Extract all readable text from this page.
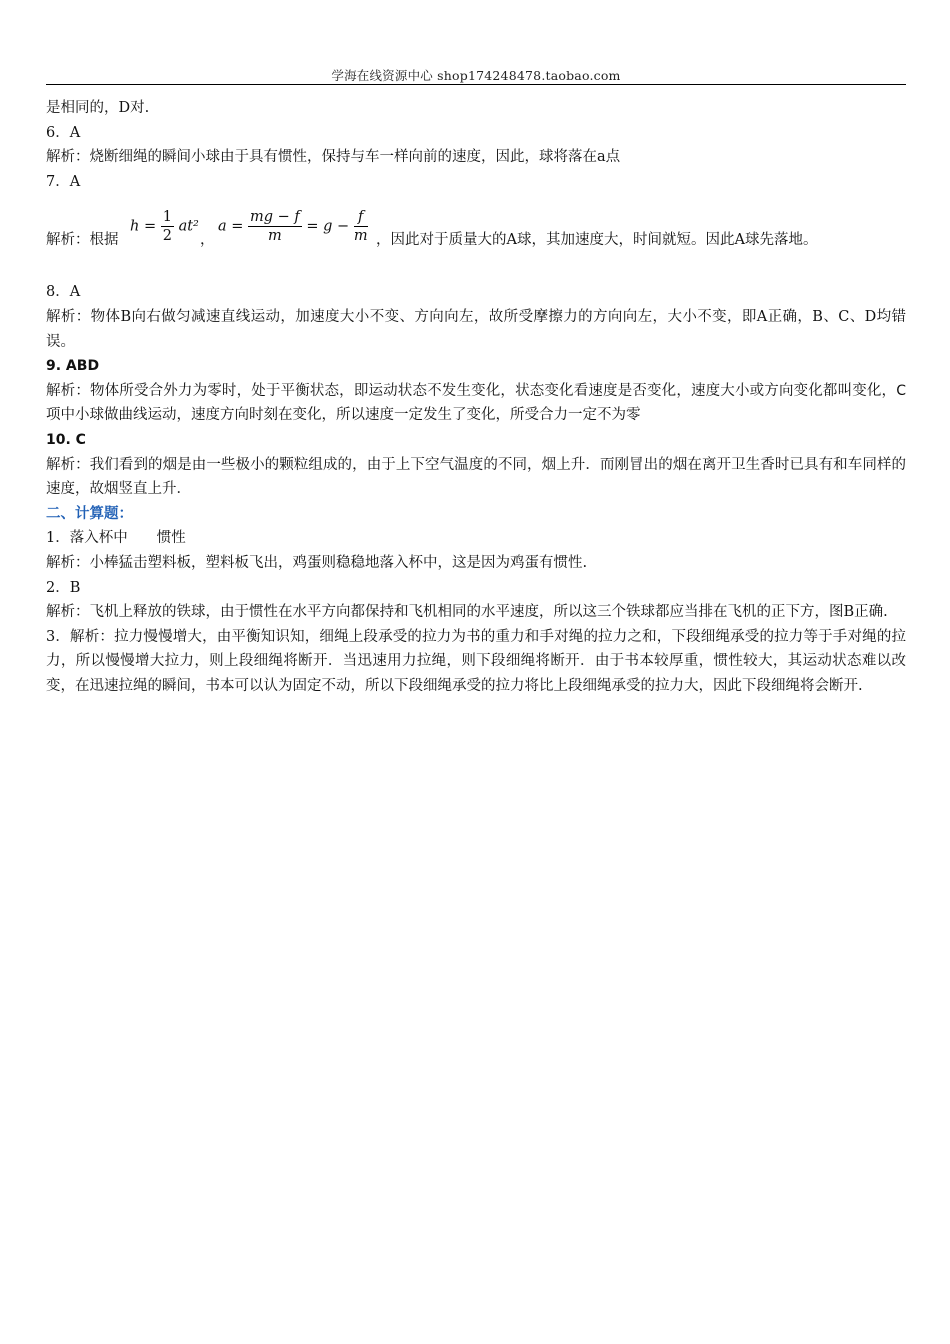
学海在线资源中心 shop174248478.taobao.com
是相同的，D对.
6．A
解析：烧断细绳的瞬间小球由于具有惯性，保持与车一样向前的速度，因此，球将落在a点
7．A
解析：根据
$h = \frac{1}{2} at^2$
，
$a = \frac{mg - f}{m} = g - \frac{f}{m}$ ，因此对于质量大的A球，其加速度大，时间就短。因此A球先落地。
8．A
解析：物体B向右做匀减速直线运动，加速度大小不变、方向向左，故所受摩擦力的方向向左，大小不变，即A正确，B、C、D均错误。
9. ABD
解析：物体所受合外力为零时，处于平衡状态，即运动状态不发生变化，状态变化看速度是否变化，速度大小或方向变化都叫变化，C项中小球做曲线运动，速度方向时刻在变化，所以速度一定发生了变化，所受合力一定不为零
10. C
解析：我们看到的烟是由一些极小的颗粒组成的，由于上下空气温度的不同，烟上升．而刚冒出的烟在离开卫生香时已具有和车同样的速度，故烟竖直上升．
二、计算题：
1．落入杯中　　惯性
解析：小棒猛击塑料板，塑料板飞出，鸡蛋则稳稳地落入杯中，这是因为鸡蛋有惯性.
2．B
解析：飞机上释放的铁球，由于惯性在水平方向都保持和飞机相同的水平速度，所以这三个铁球都应当排在飞机的正下方，图B正确.
3．解析：拉力慢慢增大，由平衡知识知，细绳上段承受的拉力为书的重力和手对绳的拉力之和，下段细绳承受的拉力等于手对绳的拉力，所以慢慢增大拉力，则上段细绳将断开．当迅速用力拉绳，则下段细绳将断开．由于书本较厚重，惯性较大，其运动状态难以改变，在迅速拉绳的瞬间，书本可以认为固定不动，所以下段细绳承受的拉力将比上段细绳承受的拉力大，因此下段细绳将会断开.
